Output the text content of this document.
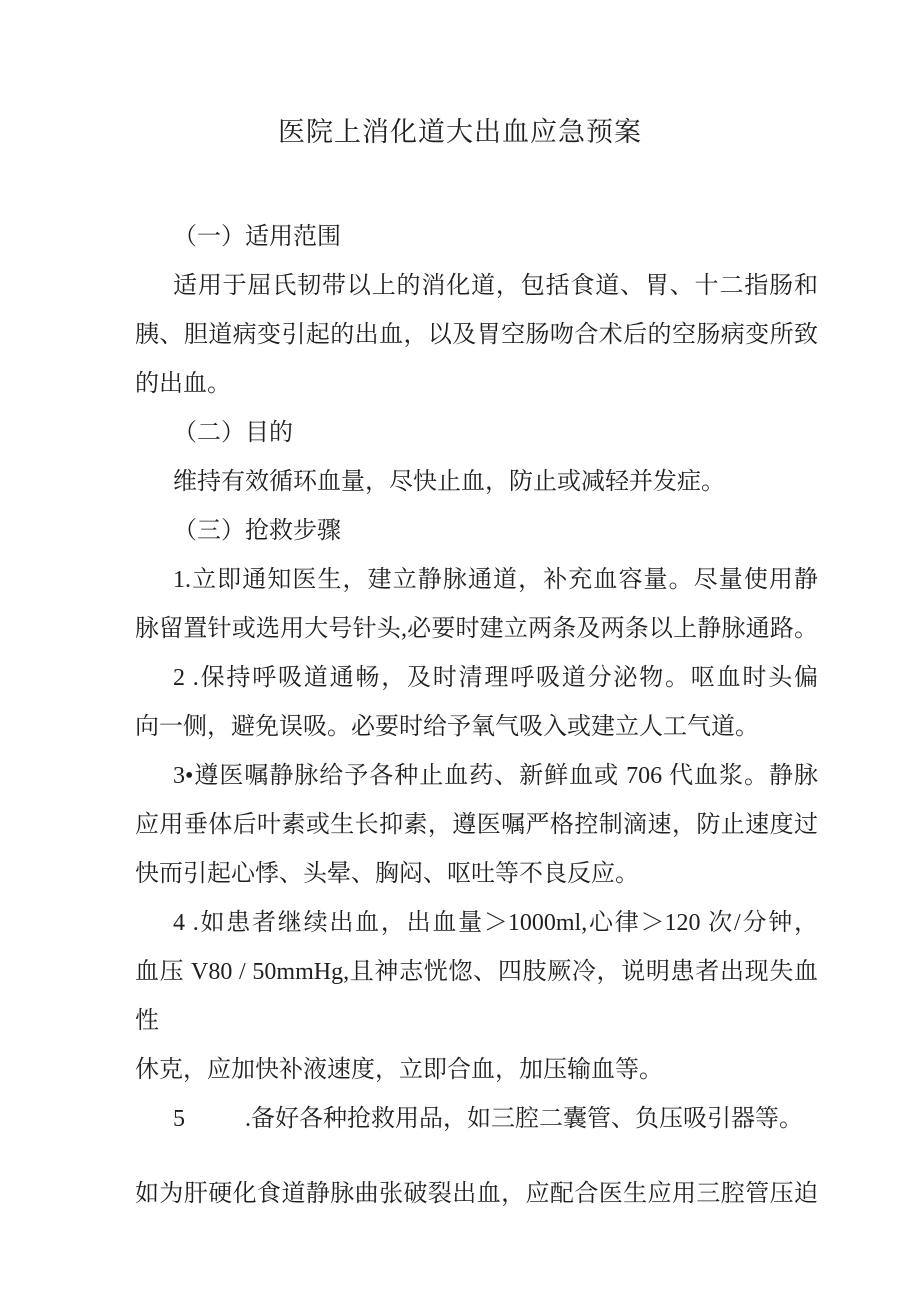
医院上消化道大出血应急预案
（一）适用范围
适用于屈氏韧带以上的消化道，包括食道、胃、十二指肠和
胰、胆道病变引起的出血，以及胃空肠吻合术后的空肠病变所致
的出血。
（二）目的
维持有效循环血量，尽快止血，防止或减轻并发症。
（三）抢救步骤
1.立即通知医生，建立静脉通道，补充血容量。尽量使用静
脉留置针或选用大号针头,必要时建立两条及两条以上静脉通路。
2 .保持呼吸道通畅，及时清理呼吸道分泌物。呕血时头偏
向一侧，避免误吸。必要时给予氧气吸入或建立人工气道。
3•遵医嘱静脉给予各种止血药、新鲜血或 706 代血浆。静脉
应用垂体后叶素或生长抑素，遵医嘱严格控制滴速，防止速度过
快而引起心悸、头晕、胸闷、呕吐等不良反应。
4 .如患者继续出血，出血量＞1000ml,心律＞120 次/分钟，
血压 V80 / 50mmHg,且神志恍惚、四肢厥冷，说明患者出现失血性
休克，应加快补液速度，立即合血，加压输血等。
5          .备好各种抢救用品，如三腔二囊管、负压吸引器等。
如为肝硬化食道静脉曲张破裂出血，应配合医生应用三腔管压迫
